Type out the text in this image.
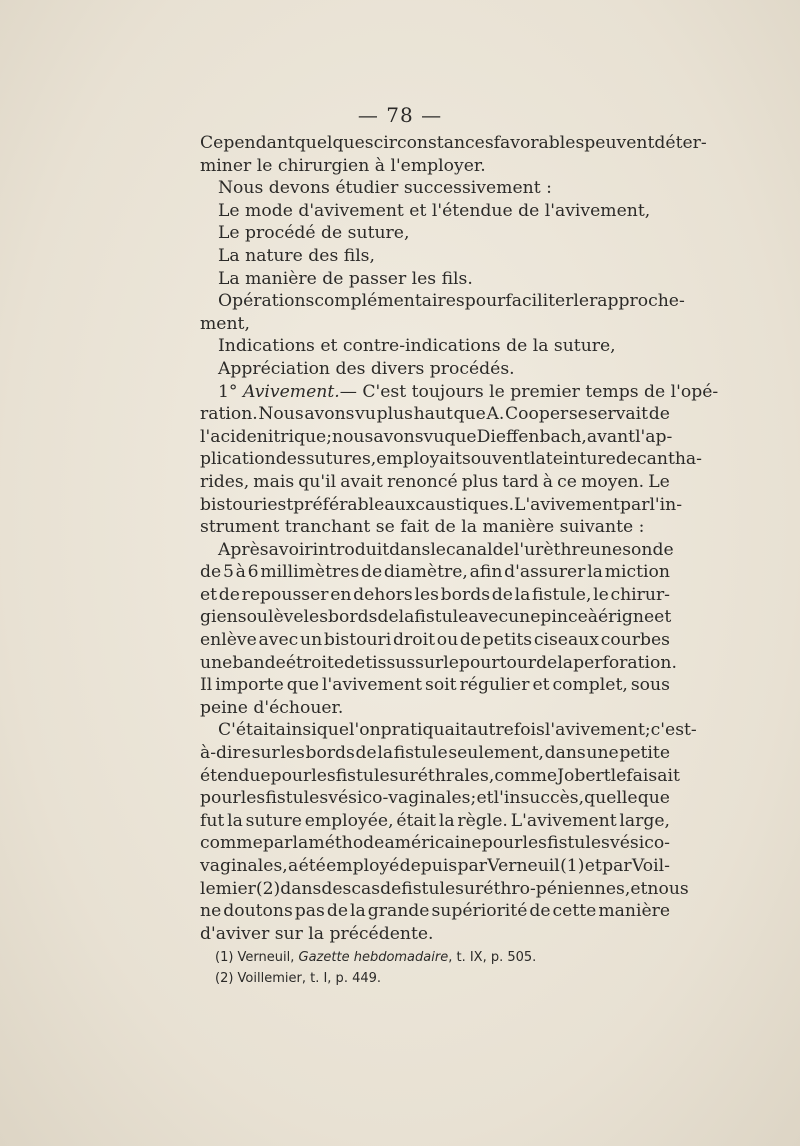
— 78 —
Cependant quelques circonstances favorables peuvent déter-
miner le chirurgien à l'employer.
Nous devons étudier successivement :
Le mode d'avivement et l'étendue de l'avivement,
Le procédé de suture,
La nature des fils,
La manière de passer les fils.
Opérations complémentaires pour faciliter le rapproche-
ment,
Indications et contre-indications de la suture,
Appréciation des divers procédés.
1° Avivement. — C'est toujours le premier temps de l'opé-
ration. Nous avons vu plus haut que A. Cooper se servait de
l'acide nitrique ; nous avons vu que Dieffenbach, avant l'ap-
plication des sutures, employait souvent la teinture de cantha-
rides, mais qu'il avait renoncé plus tard à ce moyen. Le
bistouri est préférable aux caustiques. L'avivement par l'in-
strument tranchant se fait de la manière suivante :
Après avoir introduit dans le canal de l'urèthre une sonde
de 5 à 6 millimètres de diamètre, afin d'assurer la miction
et de repousser en dehors les bords de la fistule, le chirur-
gien soulève les bords de la fistule avec une pince à érigne et
enlève avec un bistouri droit ou de petits ciseaux courbes
une bande étroite de tissus sur le pourtour de la perforation.
Il importe que l'avivement soit régulier et complet, sous
peine d'échouer.
C'était ainsi que l'on pratiquait autrefois l'avivement; c'est-
à-dire sur les bords de la fistule seulement, dans une petite
étendue pour les fistules uréthrales, comme Jobert le faisait
pour les fistules vésico-vaginales; et l'insuccès, quelle que
fut la suture employée, était la règle. L'avivement large,
comme par la méthode américaine pour les fistules vésico-
vaginales, a été employé depuis par Verneuil (1) et par Voil-
lemier (2) dans des cas de fistules uréthro-péniennes, et nous
ne doutons pas de la grande supériorité de cette manière
d'aviver sur la précédente.
(1) Verneuil, Gazette hebdomadaire, t. IX, p. 505.
(2) Voillemier, t. I, p. 449.
